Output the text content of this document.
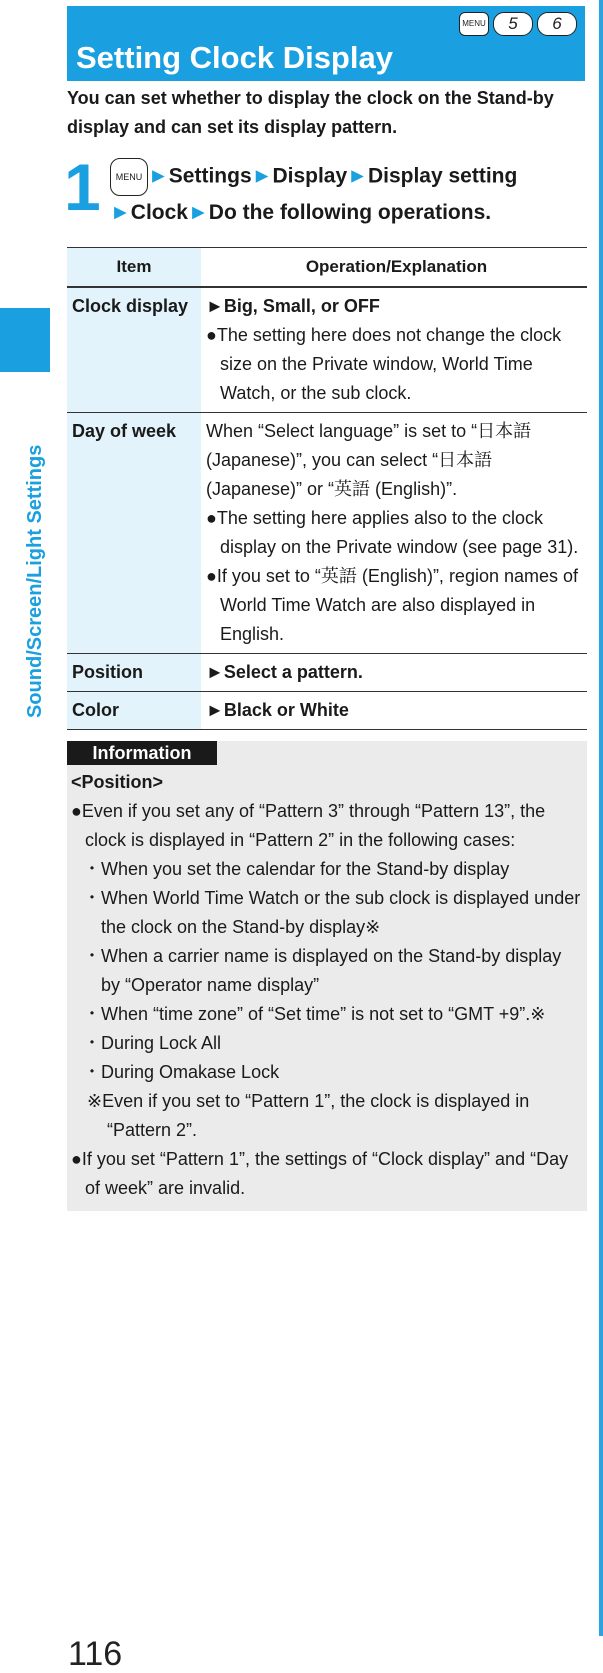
Sound/Screen/Light Settings
MENU	5	6
Setting Clock Display
You can set whether to display the clock on the Stand-by display and can set its display pattern.
1	MENU ►Settings►Display►Display setting
►Clock►Do the following operations.
Item	Operation/Explanation
Clock display ►Big, Small, or OFF
●The setting here does not change the clock size on the Private window, World Time Watch, or the sub clock.
Day of week	When “Select language” is set to “日本語 (Japanese)”, you can select “日本語 (Japanese)” or “英語 (English)”.
●The setting here applies also to the clock display on the Private window (see page 31).
●If you set to “英語 (English)”, region names of World Time Watch are also displayed in English.
Position	►Select a pattern.
Color	►Black or White
Information
<Position>
●Even if you set any of “Pattern 3” through “Pattern 13”, the clock is displayed in “Pattern 2” in the following cases:
・When you set the calendar for the Stand-by display
・When World Time Watch or the sub clock is displayed under the clock on the Stand-by display※
・When a carrier name is displayed on the Stand-by display by “Operator name display”
・When “time zone” of “Set time” is not set to “GMT +9”.※
・During Lock All
・During Omakase Lock
※Even if you set to “Pattern 1”, the clock is displayed in “Pattern 2”.
●If you set “Pattern 1”, the settings of “Clock display” and “Day of week” are invalid.
116
